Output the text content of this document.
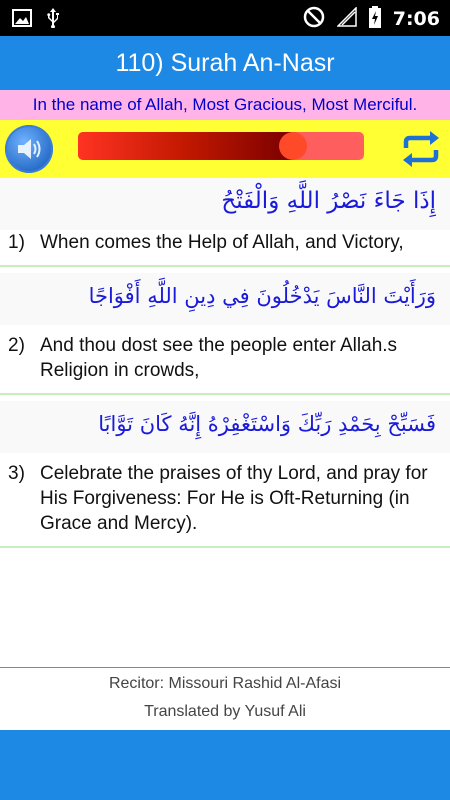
7:06
110) Surah An-Nasr
In the name of Allah, Most Gracious, Most Merciful.
إِذَا جَاءَ نَصْرُ اللَّهِ وَالْفَتْحُ
1) When comes the Help of Allah, and Victory,
وَرَأَيْتَ النَّاسَ يَدْخُلُونَ فِي دِينِ اللَّهِ أَفْوَاجًا
2) And thou dost see the people enter Allah.s Religion in crowds,
فَسَبِّحْ بِحَمْدِ رَبِّكَ وَاسْتَغْفِرْهُ إِنَّهُ كَانَ تَوَّابًا
3) Celebrate the praises of thy Lord, and pray for His Forgiveness: For He is Oft-Returning (in Grace and Mercy).
Recitor: Missouri Rashid Al-Afasi
Translated by Yusuf Ali
